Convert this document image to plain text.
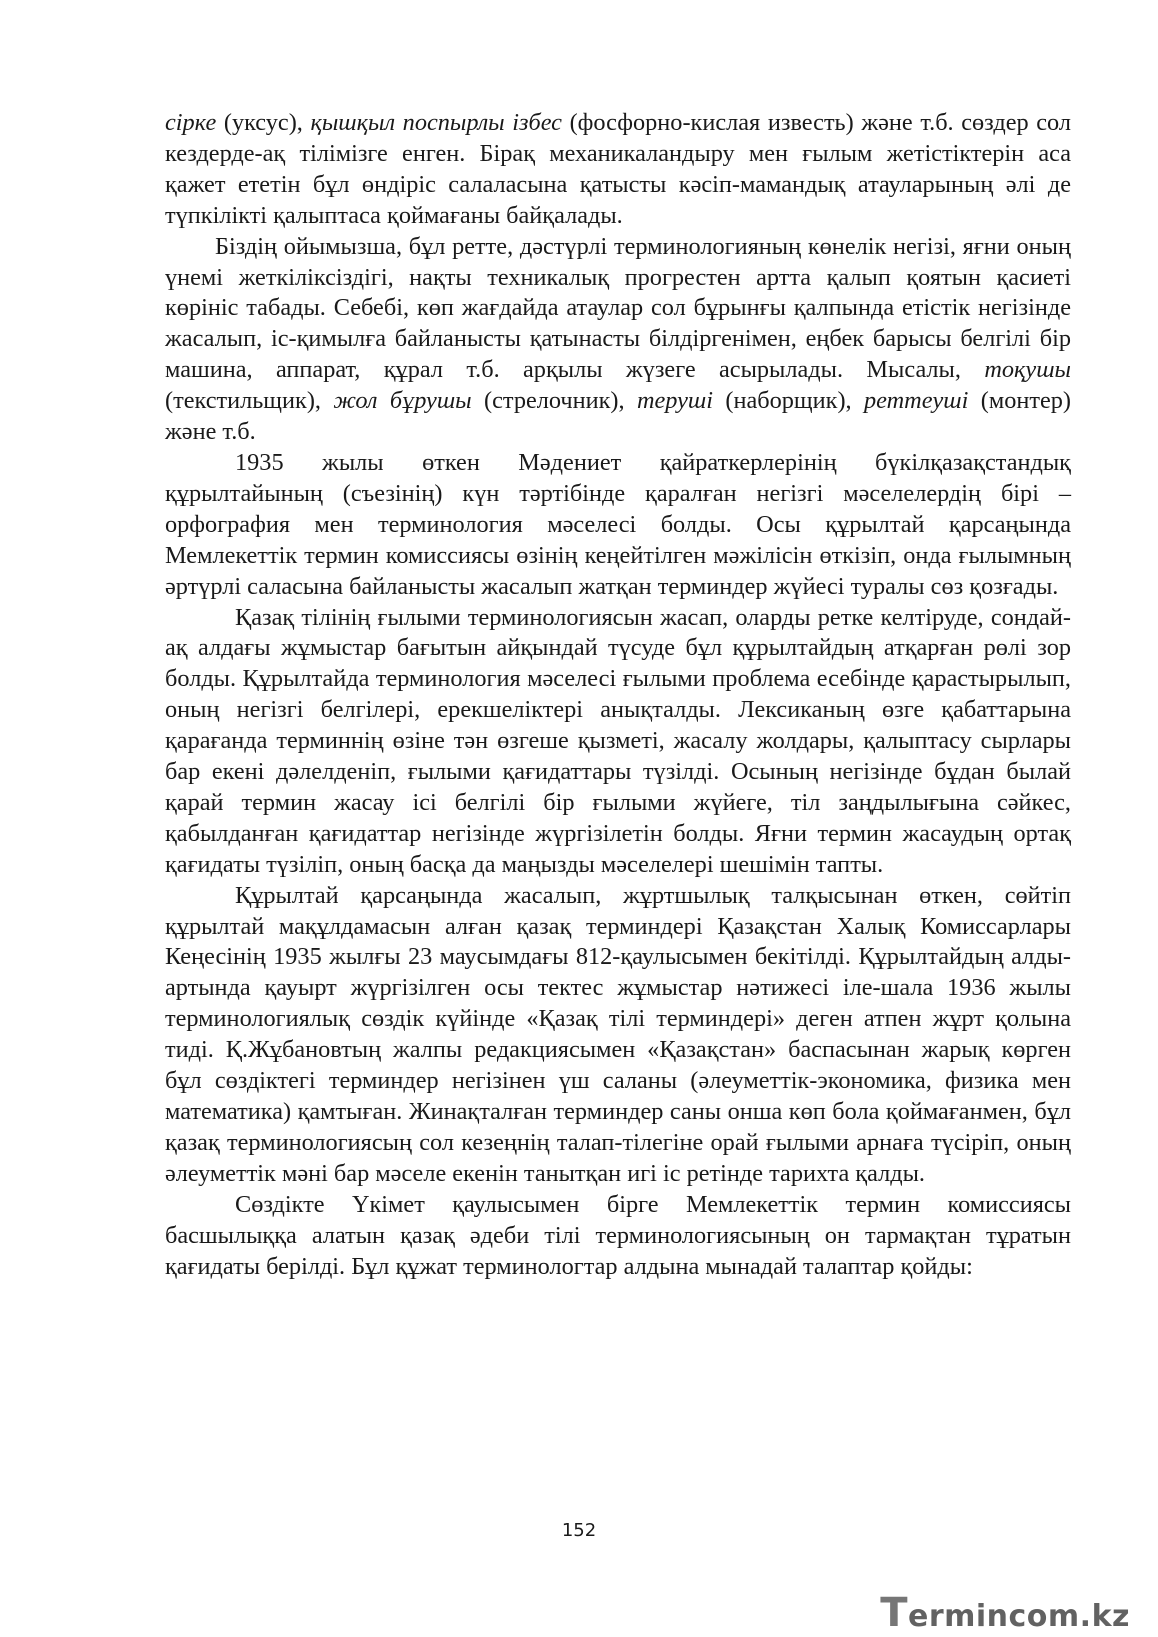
сірке (уксус), қышқыл поспырлы ізбес (фосфорно-кислая известь) және т.б. сөздер сол кездерде-ақ тілімізге енген. Бірақ механикаландыру мен ғылым жетістіктерін аса қажет ететін бұл өндіріс салаласына қатысты кәсіп-мамандық атауларының әлі де түпкілікті қалыптаса қоймағаны байқалады.

Біздің ойымызша, бұл ретте, дәстүрлі терминологияның көнелік негізі, яғни оның үнемі жеткіліксіздігі, нақты техникалық прогрестен артта қалып қоятын қасиеті көрініс табады. Себебі, көп жағдайда атаулар сол бұрынғы қалпында етістік негізінде жасалып, іс-қимылға байланысты қатынасты білдіргенімен, еңбек барысы белгілі бір машина, аппарат, құрал т.б. арқылы жүзеге асырылады. Мысалы, тоқушы (текстильщик), жол бұрушы (стрелочник), теруші (наборщик), реттеуші (монтер) және т.б.

1935 жылы өткен Мәдениет қайраткерлерінің бүкілқазақстандық құрылтайының (съезінің) күн тәртібінде қаралған негізгі мәселелердің бірі – орфография мен терминология мәселесі болды. Осы құрылтай қарсаңында Мемлекеттік термин комиссиясы өзінің кеңейтілген мәжілісін өткізіп, онда ғылымның әртүрлі саласына байланысты жасалып жатқан терминдер жүйесі туралы сөз қозғады.

Қазақ тілінің ғылыми терминологиясын жасап, оларды ретке келтіруде, сондай-ақ алдағы жұмыстар бағытын айқындай түсуде бұл құрылтайдың атқарған рөлі зор болды. Құрылтайда терминология мәселесі ғылыми проблема есебінде қарастырылып, оның негізгі белгілері, ерекшеліктері анықталды. Лексиканың өзге қабаттарына қарағанда терминнің өзіне тән өзгеше қызметі, жасалу жолдары, қалыптасу сырлары бар екені дәлелденіп, ғылыми қағидаттары түзілді. Осының негізінде бұдан былай қарай термин жасау ісі белгілі бір ғылыми жүйеге, тіл заңдылығына сәйкес, қабылданған қағидаттар негізінде жүргізілетін болды. Яғни термин жасаудың ортақ қағидаты түзіліп, оның басқа да маңызды мәселелері шешімін тапты.

Құрылтай қарсаңында жасалып, жұртшылық талқысынан өткен, сөйтіп құрылтай мақұлдамасын алған қазақ терминдері Қазақстан Халық Комиссарлары Кеңесінің 1935 жылғы 23 маусымдағы 812-қаулысымен бекітілді. Құрылтайдың алды-артында қауырт жүргізілген осы тектес жұмыстар нәтижесі іле-шала 1936 жылы терминологиялық сөздік күйінде «Қазақ тілі терминдері» деген атпен жұрт қолына тиді. Қ.Жұбановтың жалпы редакциясымен «Қазақстан» баспасынан жарық көрген бұл сөздіктегі терминдер негізінен үш саланы (әлеуметтік-экономика, физика мен математика) қамтыған. Жинақталған терминдер саны онша көп бола қоймағанмен, бұл қазақ терминологиясың сол кезеңнің талап-тілегіне орай ғылыми арнаға түсіріп, оның әлеуметтік мәні бар мәселе екенін танытқан игі іс ретінде тарихта қалды.

Сөздікте Үкімет қаулысымен бірге Мемлекеттік термин комиссиясы басшылыққа алатын қазақ әдеби тілі терминологиясының он тармақтан тұратын қағидаты берілді. Бұл құжат терминологтар алдына мынадай талаптар қойды:

152
Termincom.kz
